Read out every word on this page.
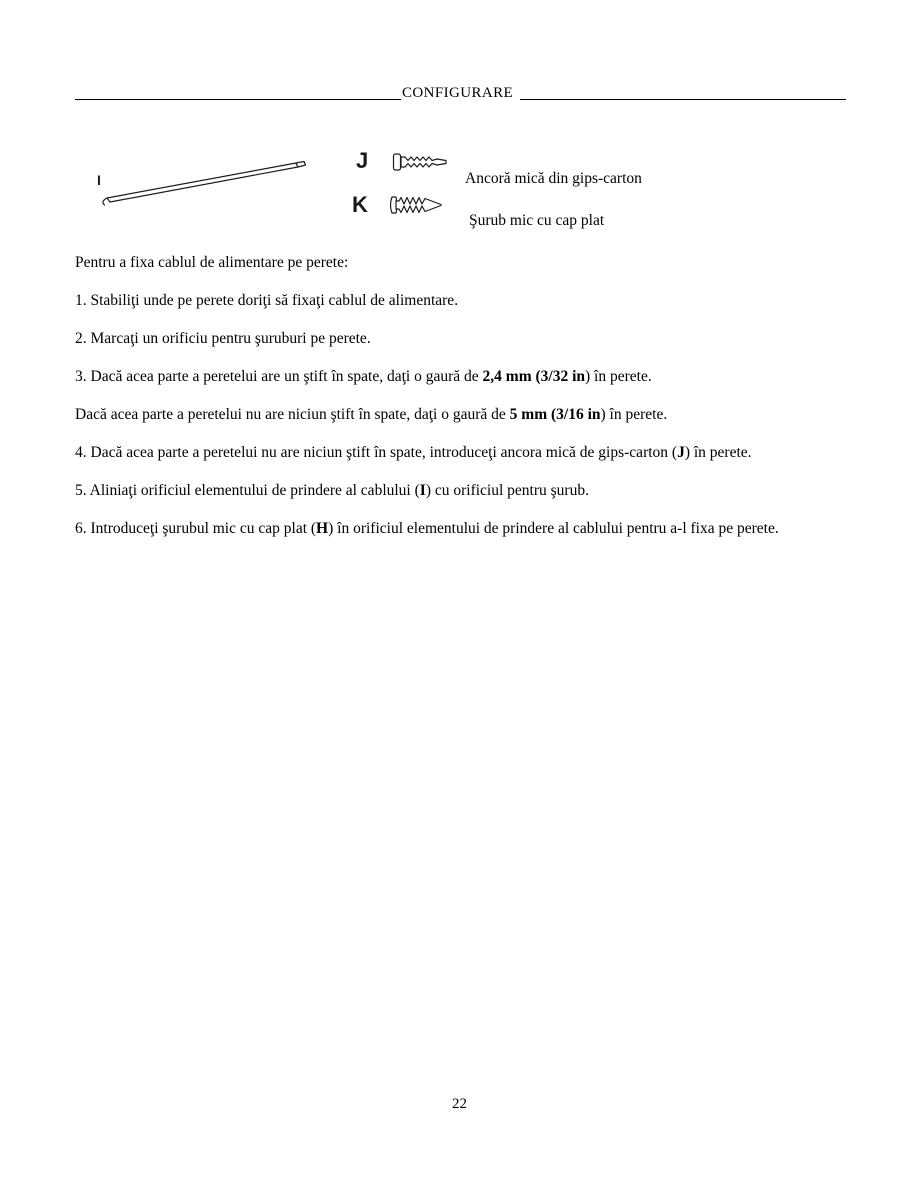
CONFIGURARE
I
J
K
Ancoră mică din gips-carton
Şurub mic cu cap plat

Pentru a fixa cablul de alimentare pe perete:

1. Stabiliţi unde pe perete doriţi să fixaţi cablul de alimentare.

2. Marcaţi un orificiu pentru şuruburi pe perete.

3. Dacă acea parte a peretelui are un ştift în spate, daţi o gaură de 2,4 mm (3/32 in) în perete.

Dacă acea parte a peretelui nu are niciun ştift în spate, daţi o gaură de 5 mm (3/16 in) în perete.

4. Dacă acea parte a peretelui nu are niciun ştift în spate, introduceţi ancora mică de gips-carton (J) în perete.

5. Aliniaţi orificiul elementului de prindere al cablului (I) cu orificiul pentru şurub.

6. Introduceţi şurubul mic cu cap plat (H) în orificiul elementului de prindere al cablului pentru a-l fixa pe perete.

22
